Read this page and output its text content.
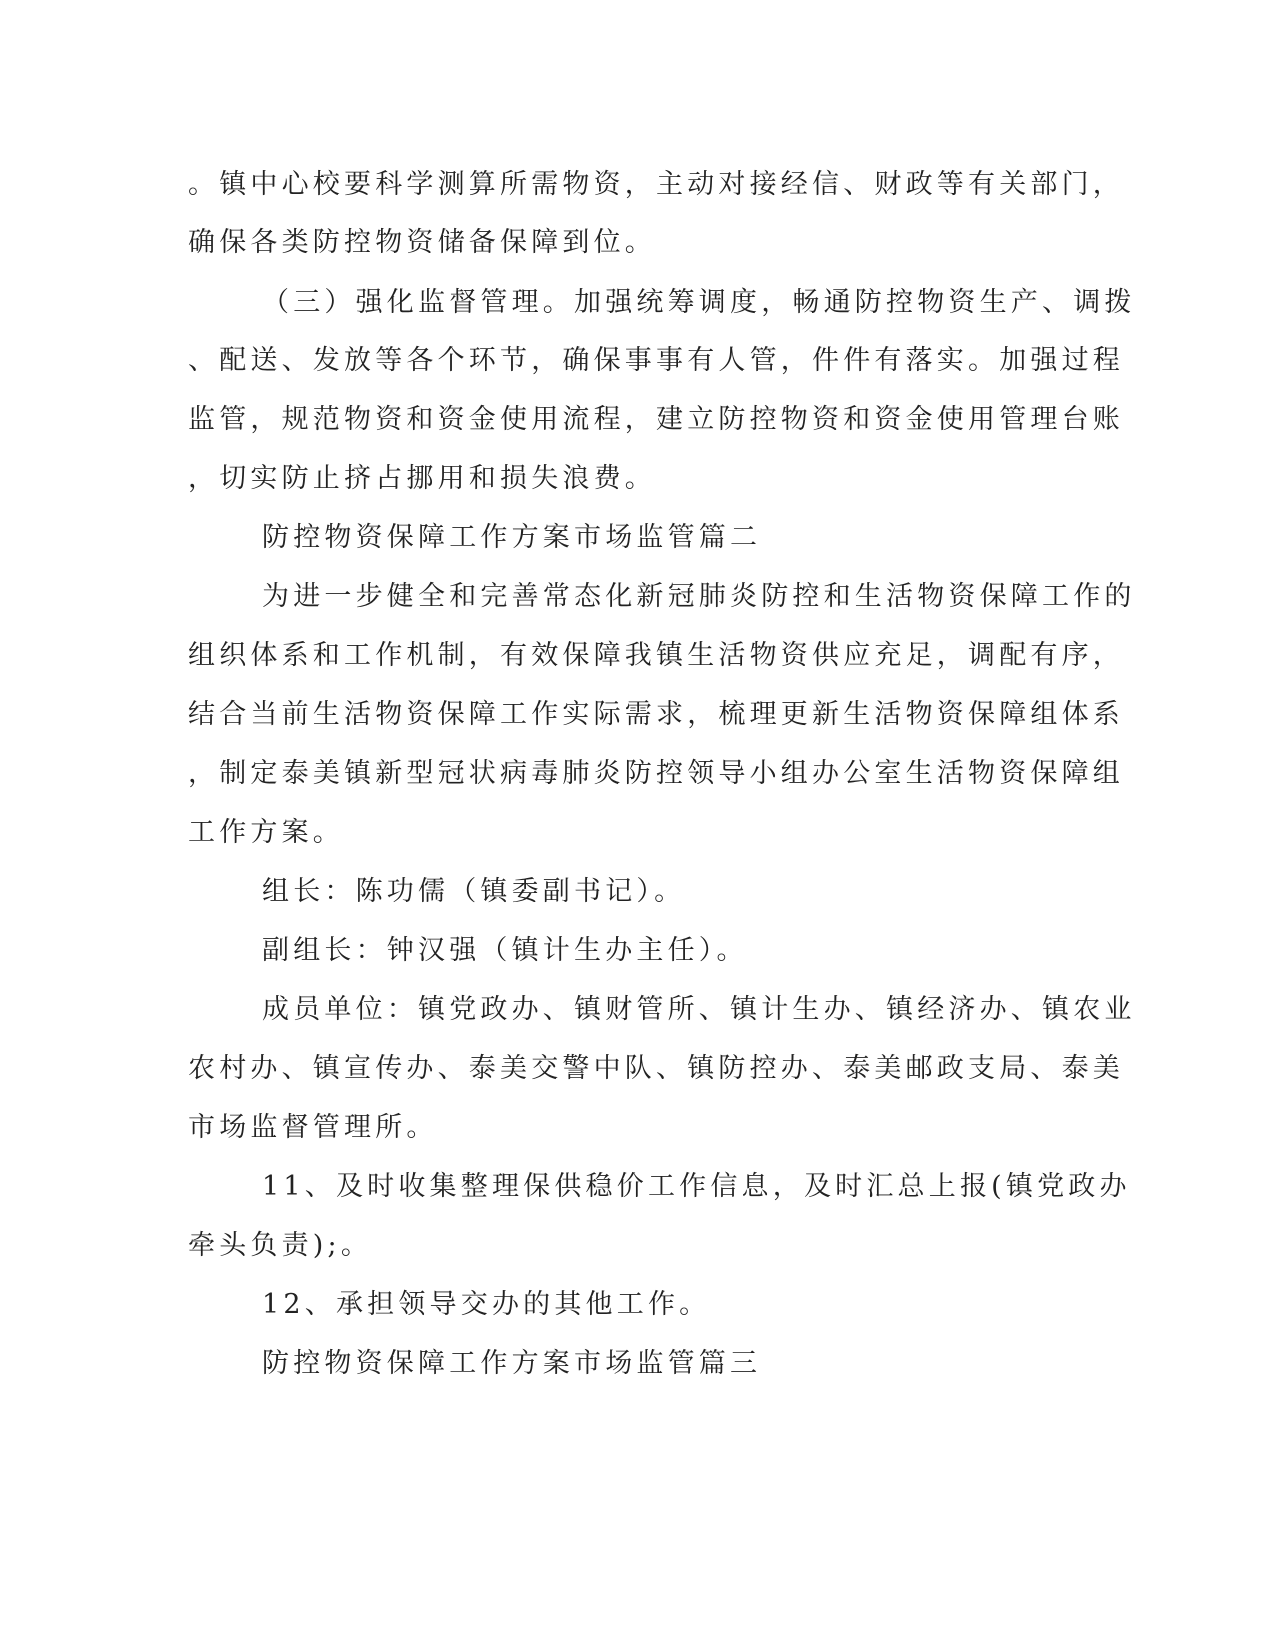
。镇中心校要科学测算所需物资，主动对接经信、财政等有关部门，
确保各类防控物资储备保障到位。
（三）强化监督管理。加强统筹调度，畅通防控物资生产、调拨
、配送、发放等各个环节，确保事事有人管，件件有落实。加强过程
监管，规范物资和资金使用流程，建立防控物资和资金使用管理台账
，切实防止挤占挪用和损失浪费。
防控物资保障工作方案市场监管篇二
为进一步健全和完善常态化新冠肺炎防控和生活物资保障工作的
组织体系和工作机制，有效保障我镇生活物资供应充足，调配有序，
结合当前生活物资保障工作实际需求，梳理更新生活物资保障组体系
，制定泰美镇新型冠状病毒肺炎防控领导小组办公室生活物资保障组
工作方案。
组长：陈功儒（镇委副书记）。
副组长：钟汉强（镇计生办主任）。
成员单位：镇党政办、镇财管所、镇计生办、镇经济办、镇农业
农村办、镇宣传办、泰美交警中队、镇防控办、泰美邮政支局、泰美
市场监督管理所。
11、及时收集整理保供稳价工作信息，及时汇总上报(镇党政办
牵头负责);。
12、承担领导交办的其他工作。
防控物资保障工作方案市场监管篇三
